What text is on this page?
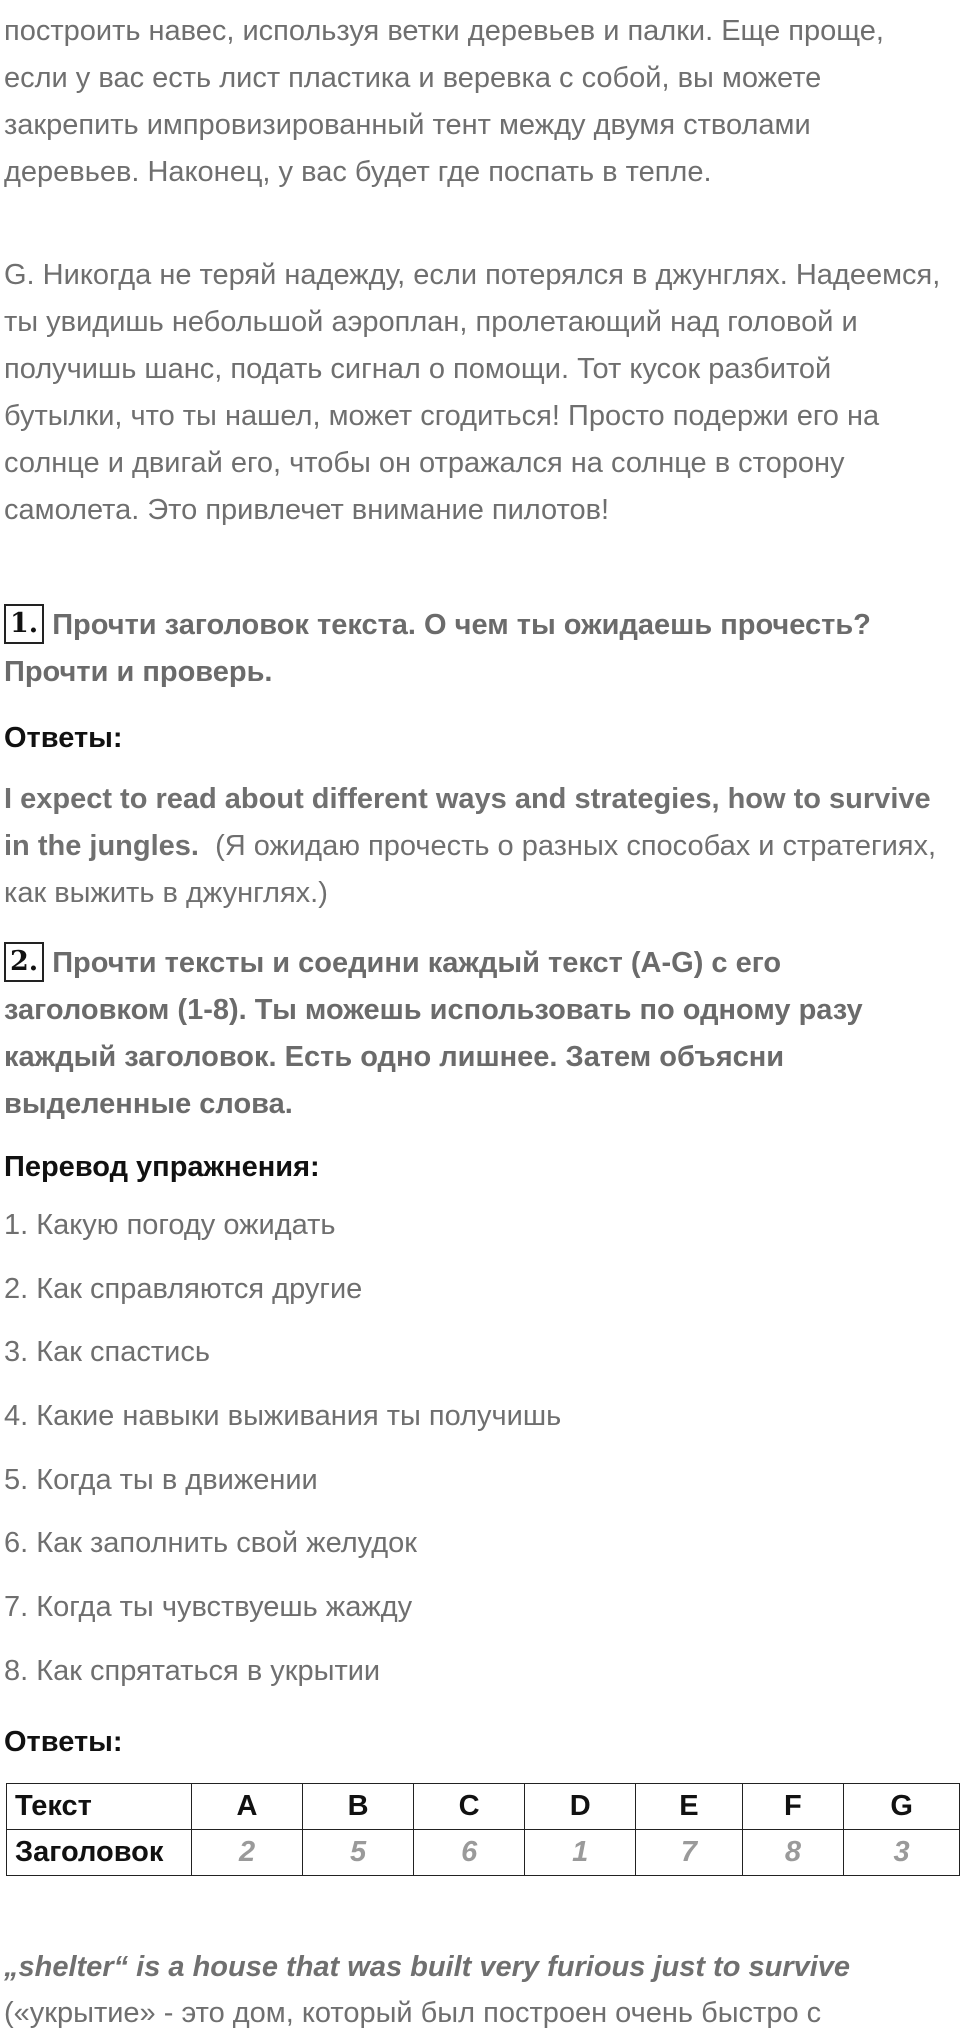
построить навес, используя ветки деревьев и палки. Еще проще, если у вас есть лист пластика и веревка с собой, вы можете закрепить импровизированный тент между двумя стволами деревьев. Наконец, у вас будет где поспать в тепле.

G. Никогда не теряй надежду, если потерялся в джунглях. Надеемся, ты увидишь небольшой аэроплан, пролетающий над головой и получишь шанс, подать сигнал о помощи. Тот кусок разбитой бутылки, что ты нашел, может сгодиться! Просто подержи его на солнце и двигай его, чтобы он отражался на солнце в сторону самолета. Это привлечет внимание пилотов!

1. Прочти заголовок текста. О чем ты ожидаешь прочесть? Прочти и проверь.
Ответы:
I expect to read about different ways and strategies, how to survive in the jungles. (Я ожидаю прочесть о разных способах и стратегиях, как выжить в джунглях.)
2. Прочти тексты и соедини каждый текст (A-G) с его заголовком (1-8). Ты можешь использовать по одному разу каждый заголовок. Есть одно лишнее. Затем объясни выделенные слова.
Перевод упражнения:
1. Какую погоду ожидать
2. Как справляются другие
3. Как спастись
4. Какие навыки выживания ты получишь
5. Когда ты в движении
6. Как заполнить свой желудок
7. Когда ты чувствуешь жажду
8. Как спрятаться в укрытии
Ответы:
Текст	A	B	C	D	E	F	G
Заголовок	2	5	6	1	7	8	3
„shelter“ is a house that was built very furious just to survive
(«укрытие» - это дом, который был построен очень быстро с
